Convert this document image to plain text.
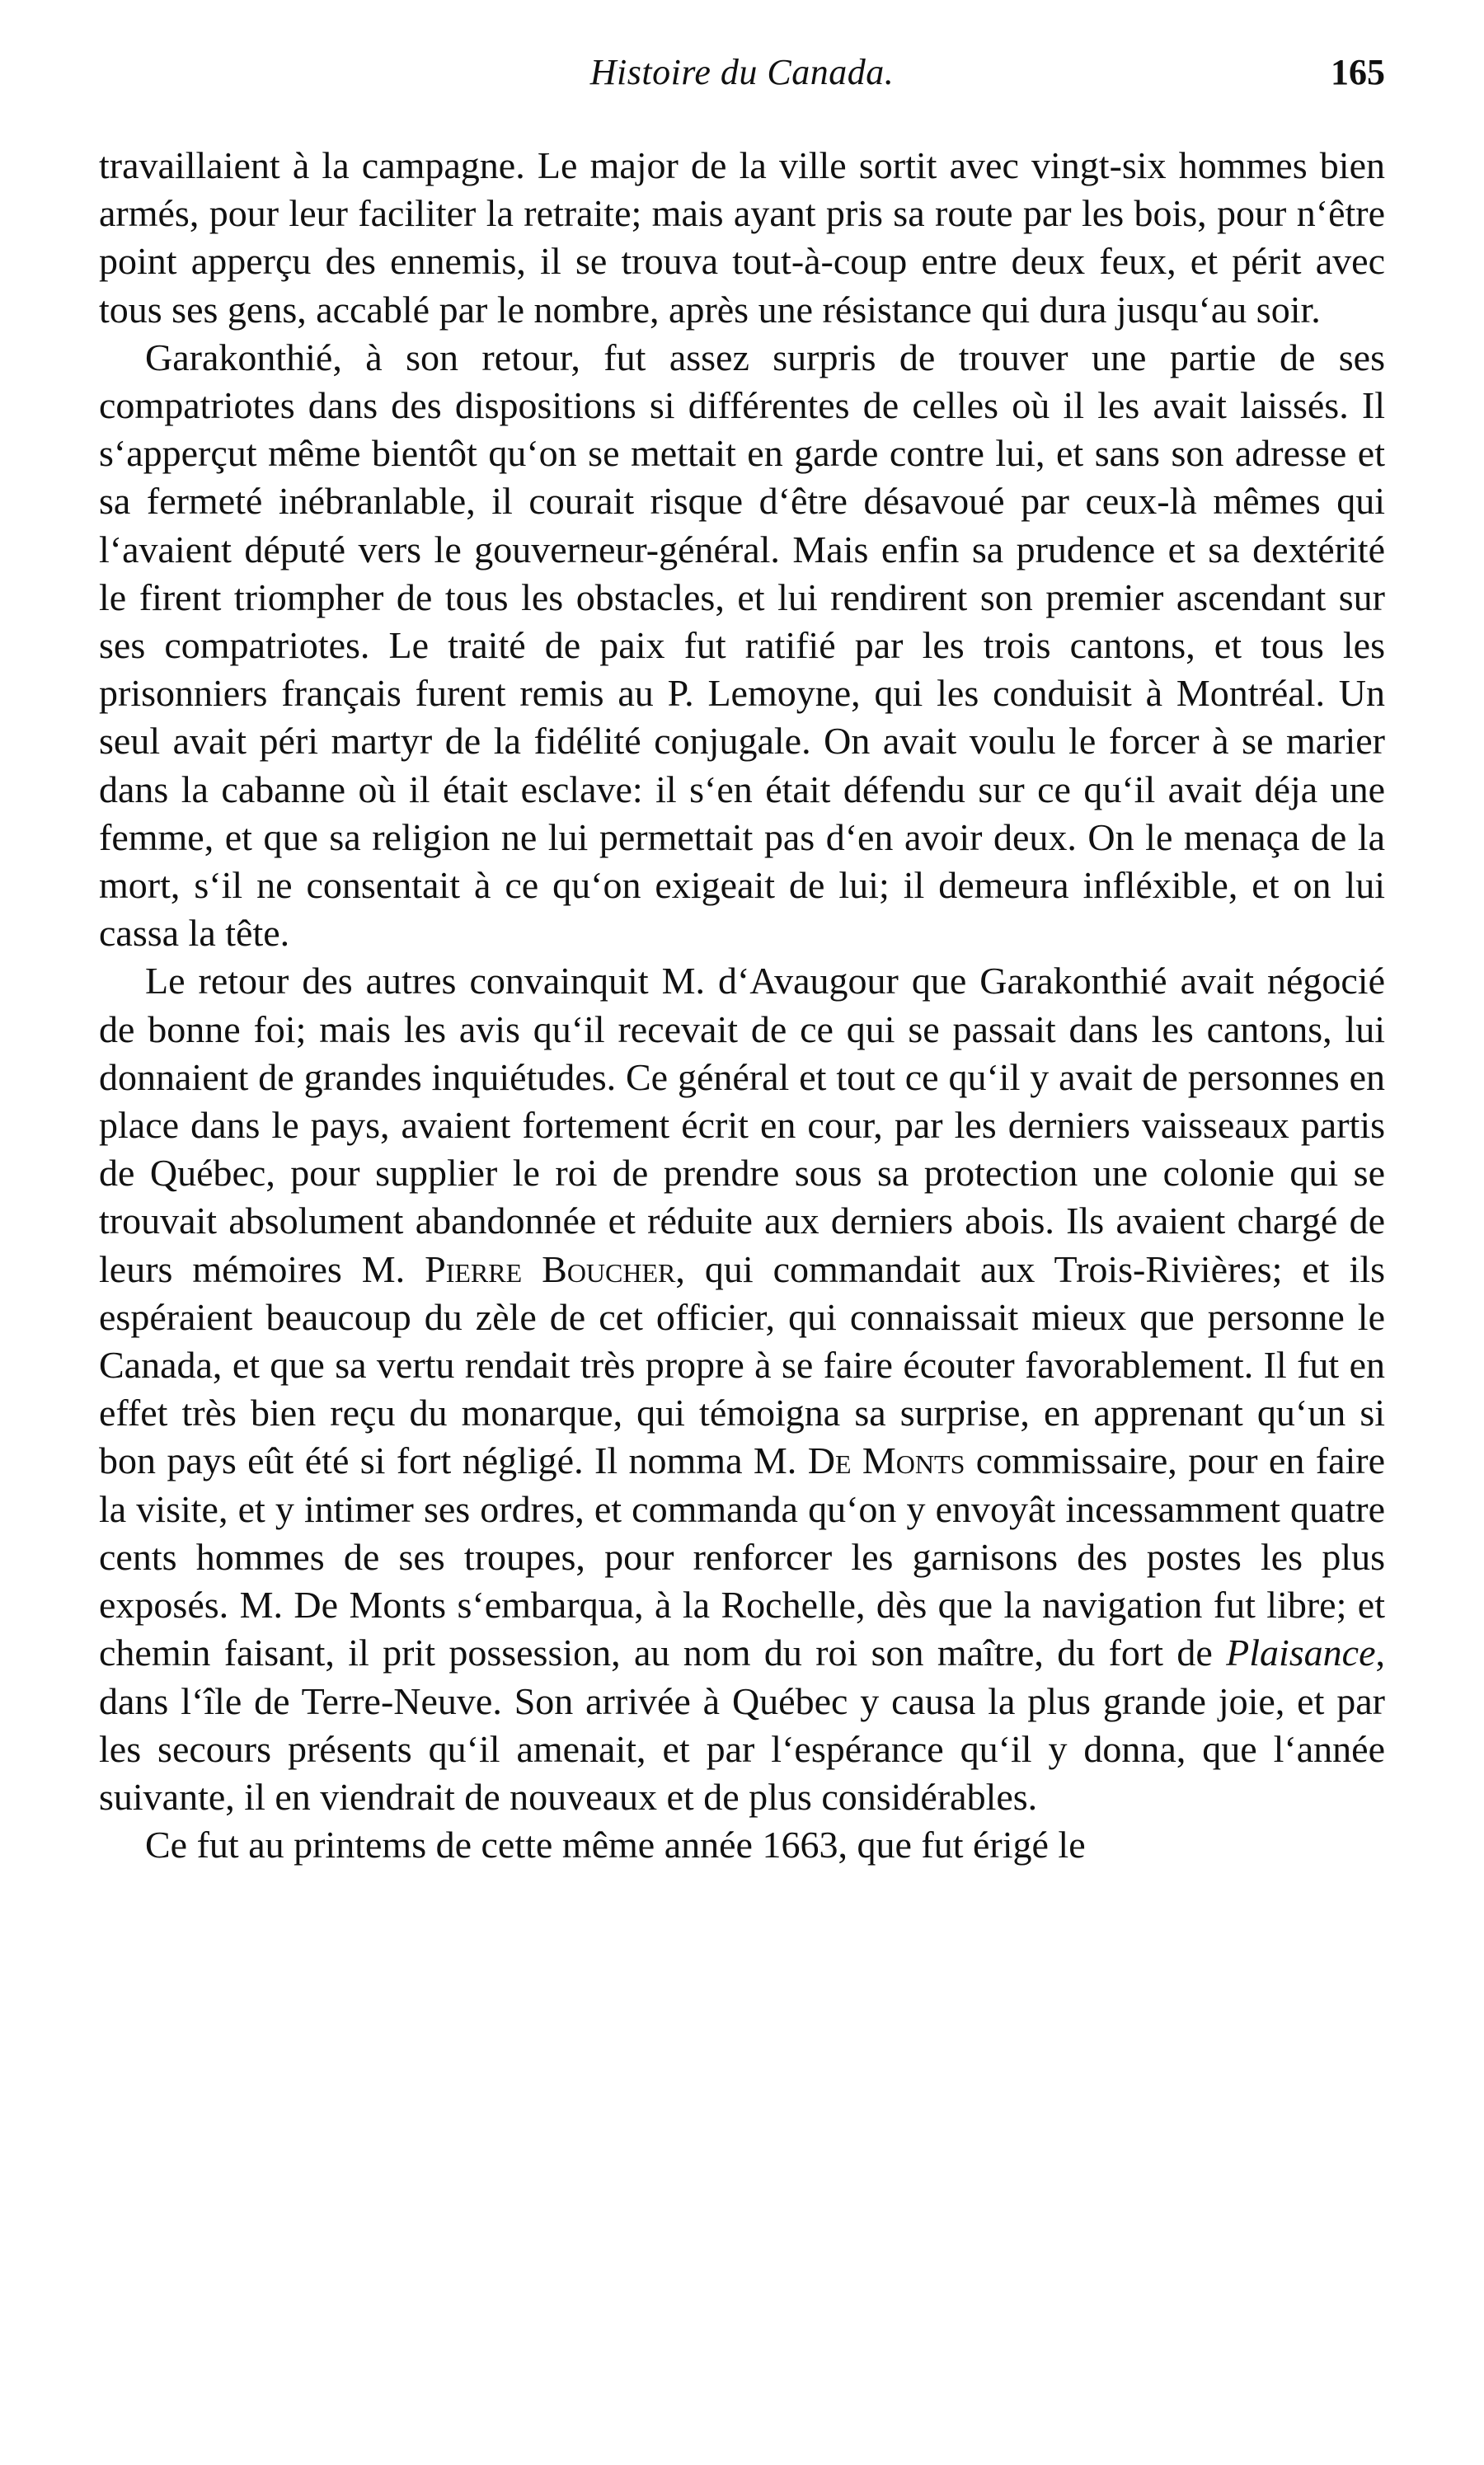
Histoire du Canada.	165

travaillaient à la campagne. Le major de la ville sortit avec vingt-six hommes bien armés, pour leur faciliter la retraite; mais ayant pris sa route par les bois, pour n‘être point apperçu des ennemis, il se trouva tout-à-coup entre deux feux, et périt avec tous ses gens, accablé par le nombre, après une résistance qui dura jusqu‘au soir.

Garakonthié, à son retour, fut assez surpris de trouver une partie de ses compatriotes dans des dispositions si différentes de celles où il les avait laissés. Il s‘apperçut même bientôt qu‘on se mettait en garde contre lui, et sans son adresse et sa fermeté inébranlable, il courait risque d‘être désavoué par ceux-là mêmes qui l‘avaient député vers le gouverneur-général. Mais enfin sa prudence et sa dextérité le firent triompher de tous les obstacles, et lui rendirent son premier ascendant sur ses compatriotes. Le traité de paix fut ratifié par les trois cantons, et tous les prisonniers français furent remis au P. Lemoyne, qui les conduisit à Montréal. Un seul avait péri martyr de la fidélité conjugale. On avait voulu le forcer à se marier dans la cabanne où il était esclave: il s‘en était défendu sur ce qu‘il avait déja une femme, et que sa religion ne lui permettait pas d‘en avoir deux. On le menaça de la mort, s‘il ne consentait à ce qu‘on exigeait de lui; il demeura infléxible, et on lui cassa la tête.

Le retour des autres convainquit M. d‘Avaugour que Garakonthié avait négocié de bonne foi; mais les avis qu‘il recevait de ce qui se passait dans les cantons, lui donnaient de grandes inquiétudes. Ce général et tout ce qu‘il y avait de personnes en place dans le pays, avaient fortement écrit en cour, par les derniers vaisseaux partis de Québec, pour supplier le roi de prendre sous sa protection une colonie qui se trouvait absolument abandonnée et réduite aux derniers abois. Ils avaient chargé de leurs mémoires M. Pierre Boucher, qui commandait aux Trois-Rivières; et ils espéraient beaucoup du zèle de cet officier, qui connaissait mieux que personne le Canada, et que sa vertu rendait très propre à se faire écouter favorablement. Il fut en effet très bien reçu du monarque, qui témoigna sa surprise, en apprenant qu‘un si bon pays eût été si fort négligé. Il nomma M. De Monts commissaire, pour en faire la visite, et y intimer ses ordres, et commanda qu‘on y envoyât incessamment quatre cents hommes de ses troupes, pour renforcer les garnisons des postes les plus exposés. M. De Monts s‘embarqua, à la Rochelle, dès que la navigation fut libre; et chemin faisant, il prit possession, au nom du roi son maître, du fort de Plaisance, dans l‘île de Terre-Neuve. Son arrivée à Québec y causa la plus grande joie, et par les secours présents qu‘il amenait, et par l‘espérance qu‘il y donna, que l‘année suivante, il en viendrait de nouveaux et de plus considérables.

Ce fut au printems de cette même année 1663, que fut érigé le
